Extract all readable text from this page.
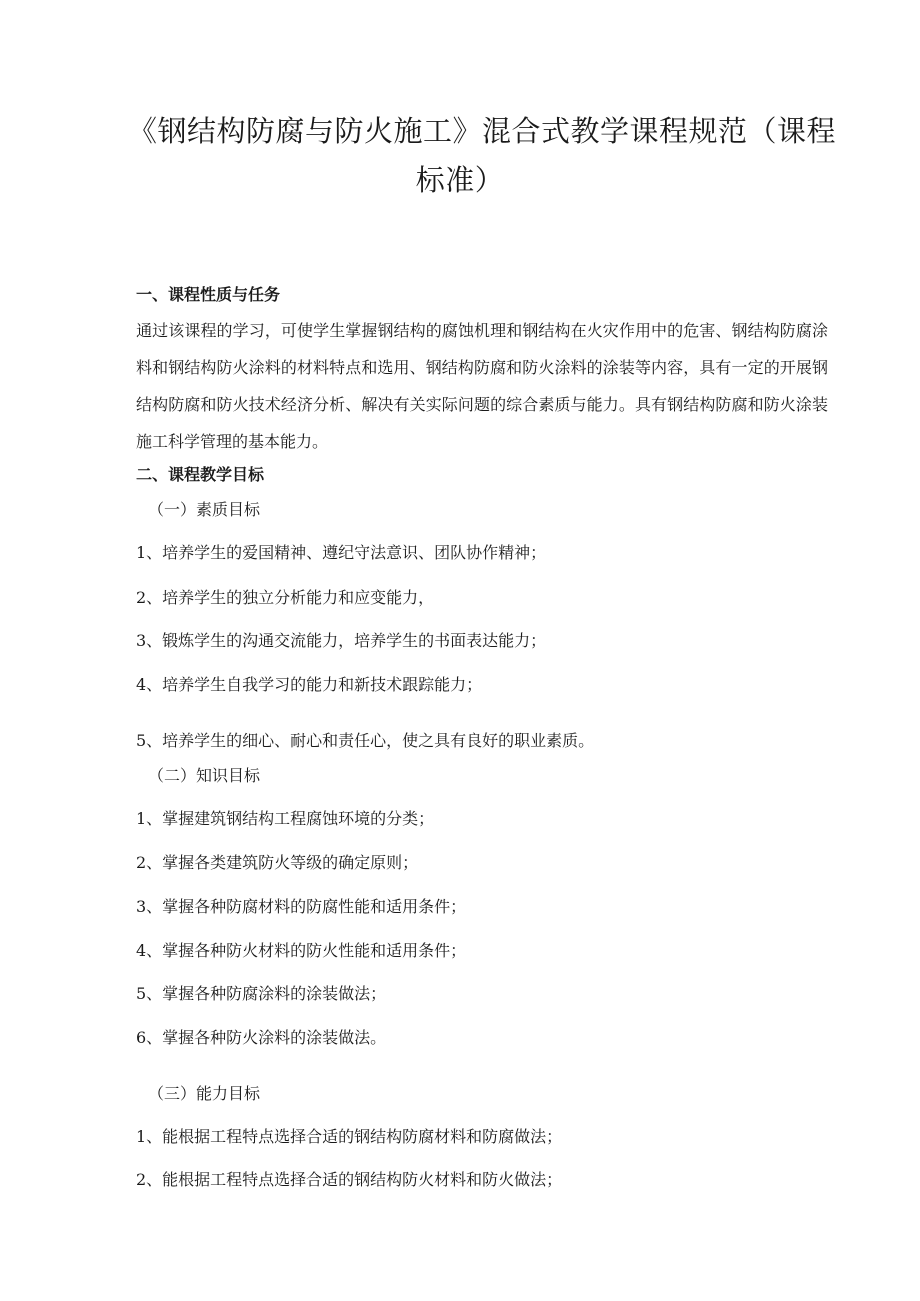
《钢结构防腐与防火施工》混合式教学课程规范（课程
标准）
一、课程性质与任务

通过该课程的学习，可使学生掌握钢结构的腐蚀机理和钢结构在火灾作用中的危害、钢结构防腐涂料和钢结构防火涂料的材料特点和选用、钢结构防腐和防火涂料的涂装等内容，具有一定的开展钢结构防腐和防火技术经济分析、解决有关实际问题的综合素质与能力。具有钢结构防腐和防火涂装施工科学管理的基本能力。

二、课程教学目标

（一）素质目标

1、培养学生的爱国精神、遵纪守法意识、团队协作精神；

2、培养学生的独立分析能力和应变能力，

3、锻炼学生的沟通交流能力，培养学生的书面表达能力；

4、培养学生自我学习的能力和新技术跟踪能力；

5、培养学生的细心、耐心和责任心，使之具有良好的职业素质。

（二）知识目标

1、掌握建筑钢结构工程腐蚀环境的分类；

2、掌握各类建筑防火等级的确定原则；

3、掌握各种防腐材料的防腐性能和适用条件；

4、掌握各种防火材料的防火性能和适用条件；

5、掌握各种防腐涂料的涂装做法；

6、掌握各种防火涂料的涂装做法。

（三）能力目标

1、能根据工程特点选择合适的钢结构防腐材料和防腐做法；

2、能根据工程特点选择合适的钢结构防火材料和防火做法；
